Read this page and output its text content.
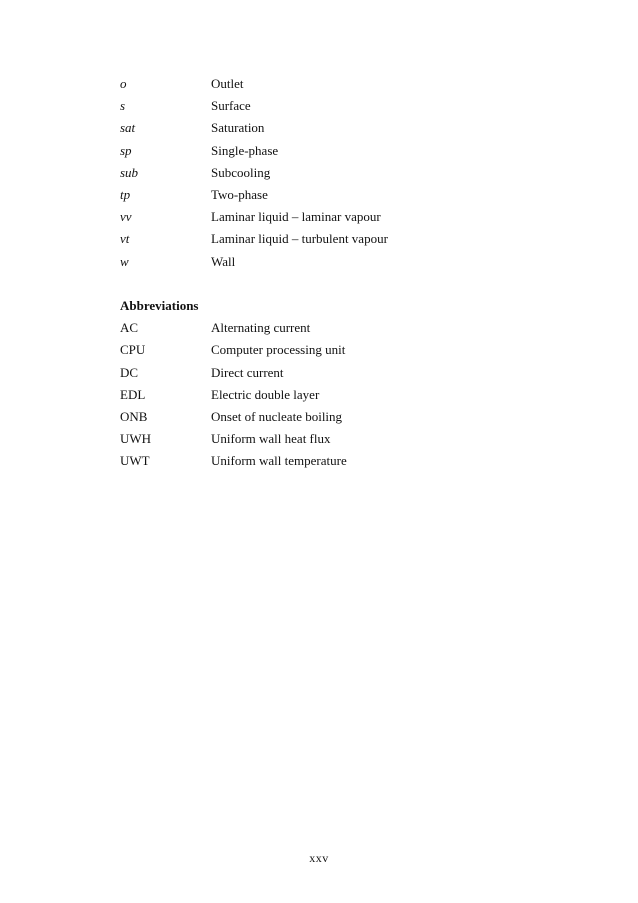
o	Outlet
s	Surface
sat	Saturation
sp	Single-phase
sub	Subcooling
tp	Two-phase
vv	Laminar liquid – laminar vapour
vt	Laminar liquid – turbulent vapour
w	Wall
Abbreviations
AC	Alternating current
CPU	Computer processing unit
DC	Direct current
EDL	Electric double layer
ONB	Onset of nucleate boiling
UWH	Uniform wall heat flux
UWT	Uniform wall temperature
xxv
